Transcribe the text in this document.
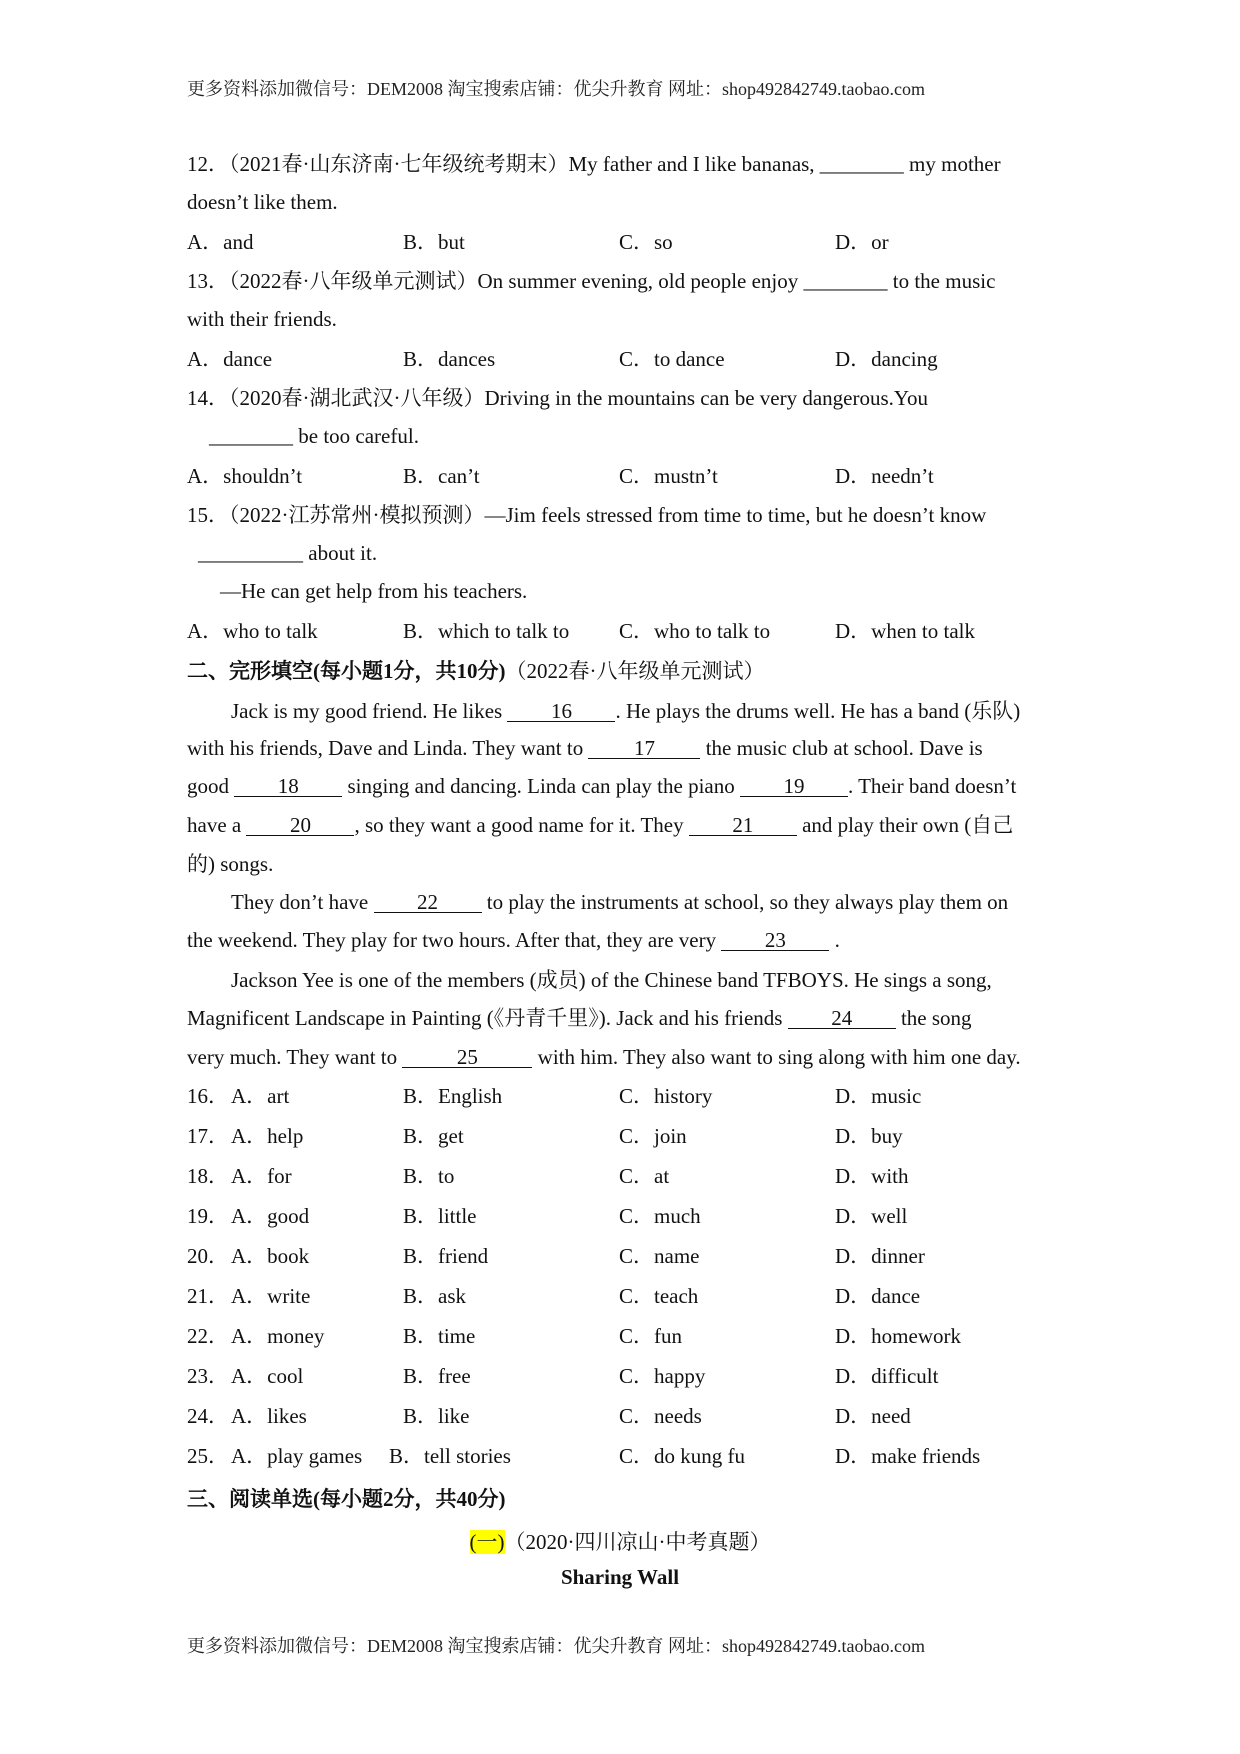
更多资料添加微信号：DEM2008 淘宝搜索店铺：优尖升教育 网址：shop492842749.taobao.com
12．（2021春·山东济南·七年级统考期末）My father and I like bananas, ________ my mother
doesn’t like them.
A．and	B．but	C．so	D．or
13．（2022春·八年级单元测试）On summer evening, old people enjoy ________ to the music
with their friends.
A．dance	B．dances	C．to dance	D．dancing
14．（2020春·湖北武汉·八年级）Driving in the mountains can be very dangerous.You
________ be too careful.
A．shouldn’t	B．can’t	C．mustn’t	D．needn’t
15．（2022·江苏常州·模拟预测）—Jim feels stressed from time to time, but he doesn’t know
__________ about it.
—He can get help from his teachers.
A．who to talk	B．which to talk to C．who to talk to	D．when to talk
二、完形填空(每小题1分，共10分)（2022春·八年级单元测试）
Jack is my good friend. He likes 16 . He plays the drums well. He has a band (乐队)
with his friends, Dave and Linda. They want to 17 the music club at school. Dave is
good 18 singing and dancing. Linda can play the piano 19 . Their band doesn’t
have a 20 , so they want a good name for it. They 21 and play their own (自己
的) songs.
They don’t have 22 to play the instruments at school, so they always play them on
the weekend. They play for two hours. After that, they are very 23 .
Jackson Yee is one of the members (成员) of the Chinese band TFBOYS. He sings a song,
Magnificent Landscape in Painting (《丹青千里》). Jack and his friends 24 the song
very much. They want to	25	with him. They also want to sing along with him one day.
16． A．art	B．English	C．history	D．music
17． A．help	B．get	C．join	D．buy
18． A．for	B．to	C．at	D．with
19． A．good	B．little	C．much	D．well
20． A．book	B．friend	C．name	D．dinner
21． A．write	B．ask	C．teach	D．dance
22． A．money	B．time	C．fun	D．homework
23． A．cool	B．free	C．happy	D．difficult
24． A．likes	B．like	C．needs	D．need
25． A．play games B．tell stories	C．do kung fu	D．make friends
三、阅读单选(每小题2分，共40分)
(一)（2020·四川凉山·中考真题）
Sharing Wall
更多资料添加微信号：DEM2008 淘宝搜索店铺：优尖升教育 网址：shop492842749.taobao.com
